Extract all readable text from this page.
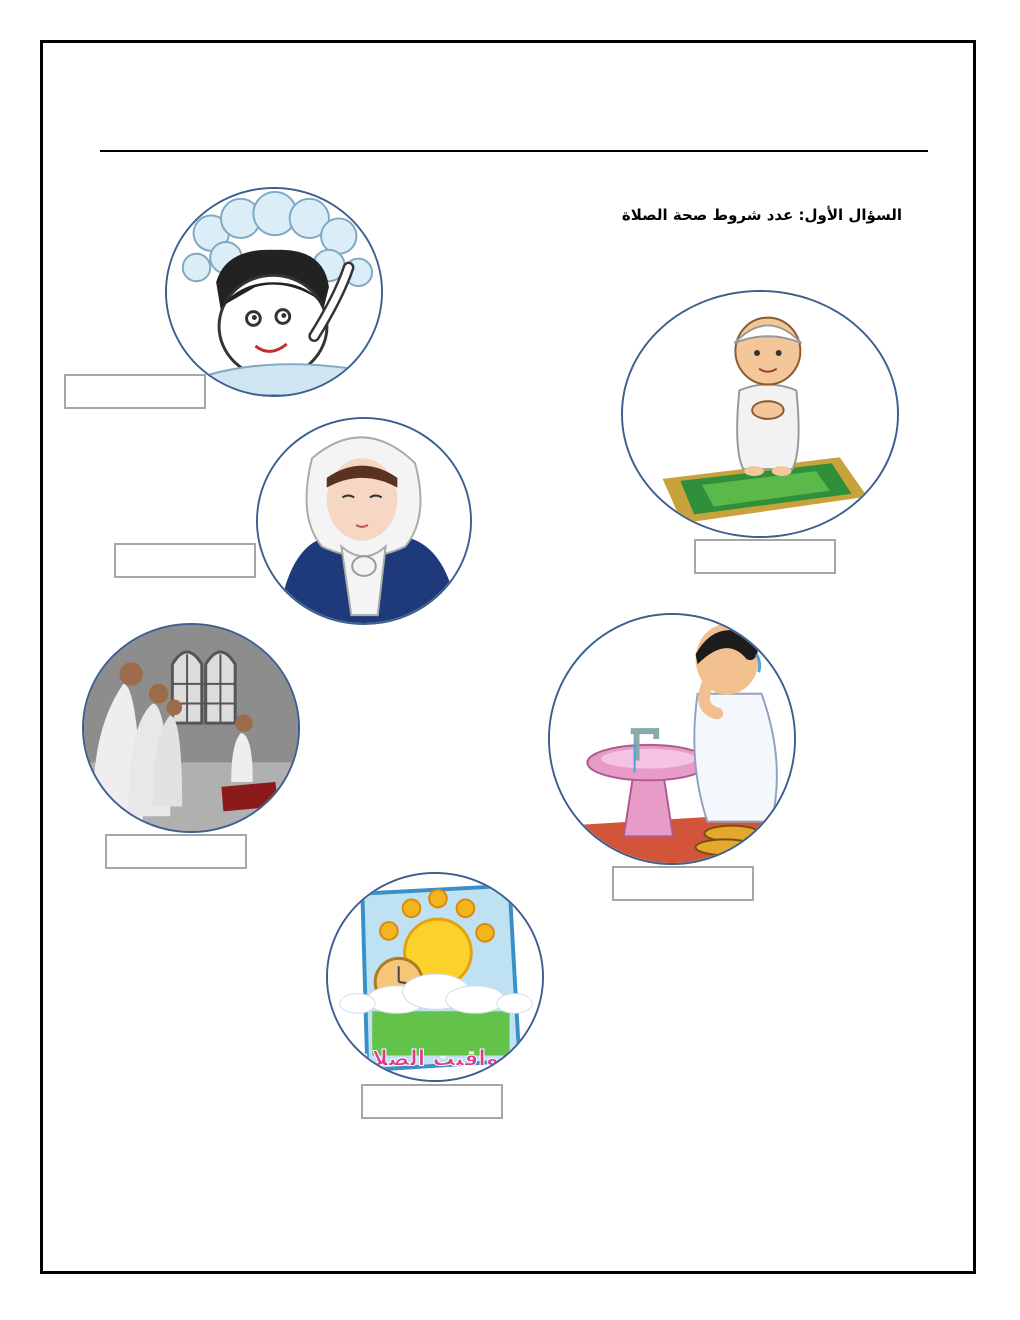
السؤال الأول: عدد شروط صحة الصلاة
مواقيت الصلاة
